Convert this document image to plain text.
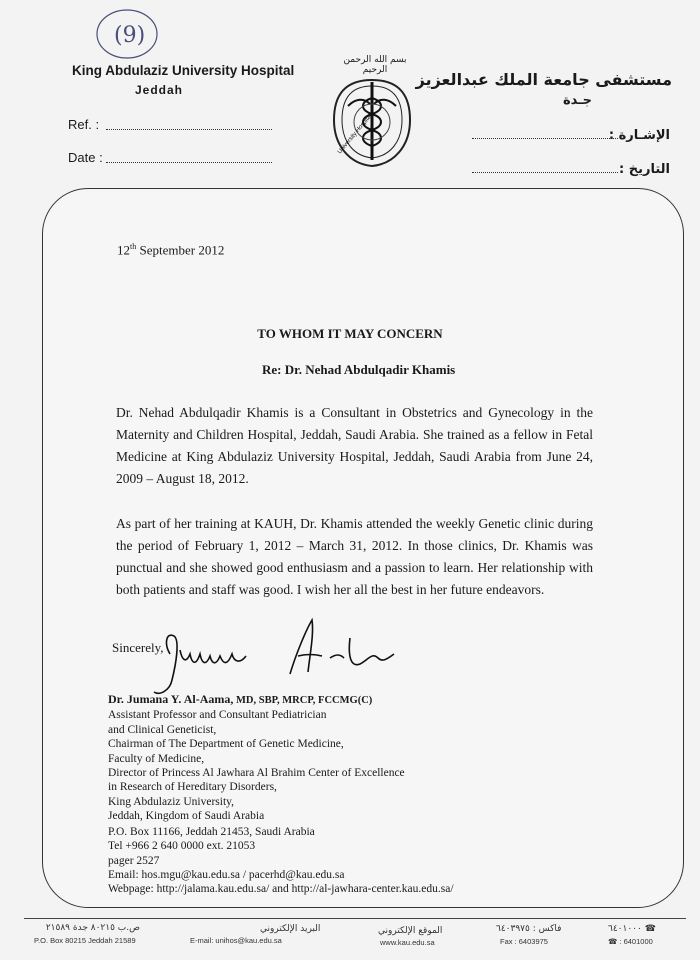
(9)
King Abdulaziz University Hospital
Jeddah
Ref. :
Date :
بسم الله الرحمن الرحيم
University Hospital
مستشفى جامعة الملك عبدالعزيز
جـدة
الإشـارة :
التاريخ :
12th September 2012
TO WHOM IT MAY CONCERN
Re: Dr. Nehad Abdulqadir Khamis
Dr. Nehad Abdulqadir Khamis is a Consultant in Obstetrics and Gynecology in the Maternity and Children Hospital, Jeddah, Saudi Arabia. She trained as a fellow in Fetal Medicine at King Abdulaziz University Hospital, Jeddah, Saudi Arabia from June 24, 2009 – August 18, 2012.
As part of her training at KAUH, Dr. Khamis attended the weekly Genetic clinic during the period of February 1, 2012 – March 31, 2012. In those clinics, Dr. Khamis was punctual and she showed good enthusiasm and a passion to learn. Her relationship with both patients and staff was good. I wish her all the best in her future endeavors.
Sincerely,
Dr. Jumana Y. Al-Aama, MD, SBP, MRCP, FCCMG(C)
Assistant Professor and Consultant Pediatrician
and Clinical Geneticist,
Chairman of The Department of Genetic Medicine,
Faculty of Medicine,
Director of Princess Al Jawhara Al Brahim Center of Excellence
in Research of Hereditary Disorders,
King Abdulaziz University,
Jeddah, Kingdom of Saudi Arabia
P.O. Box 11166, Jeddah 21453, Saudi Arabia
Tel +966 2 640 0000 ext. 21053
pager 2527
Email: hos.mgu@kau.edu.sa / pacerhd@kau.edu.sa
Webpage: http://jalama.kau.edu.sa/ and http://al-jawhara-center.kau.edu.sa/
ص.ب ٨٠٢١٥ جدة ٢١٥٨٩
P.O. Box 80215 Jeddah 21589
البريد الإلكتروني
E-mail: unihos@kau.edu.sa
الموقع الإلكتروني
www.kau.edu.sa
فاكس : ٦٤٠٣٩٧٥
Fax : 6403975
☎ ٦٤٠١٠٠٠
☎ : 6401000
